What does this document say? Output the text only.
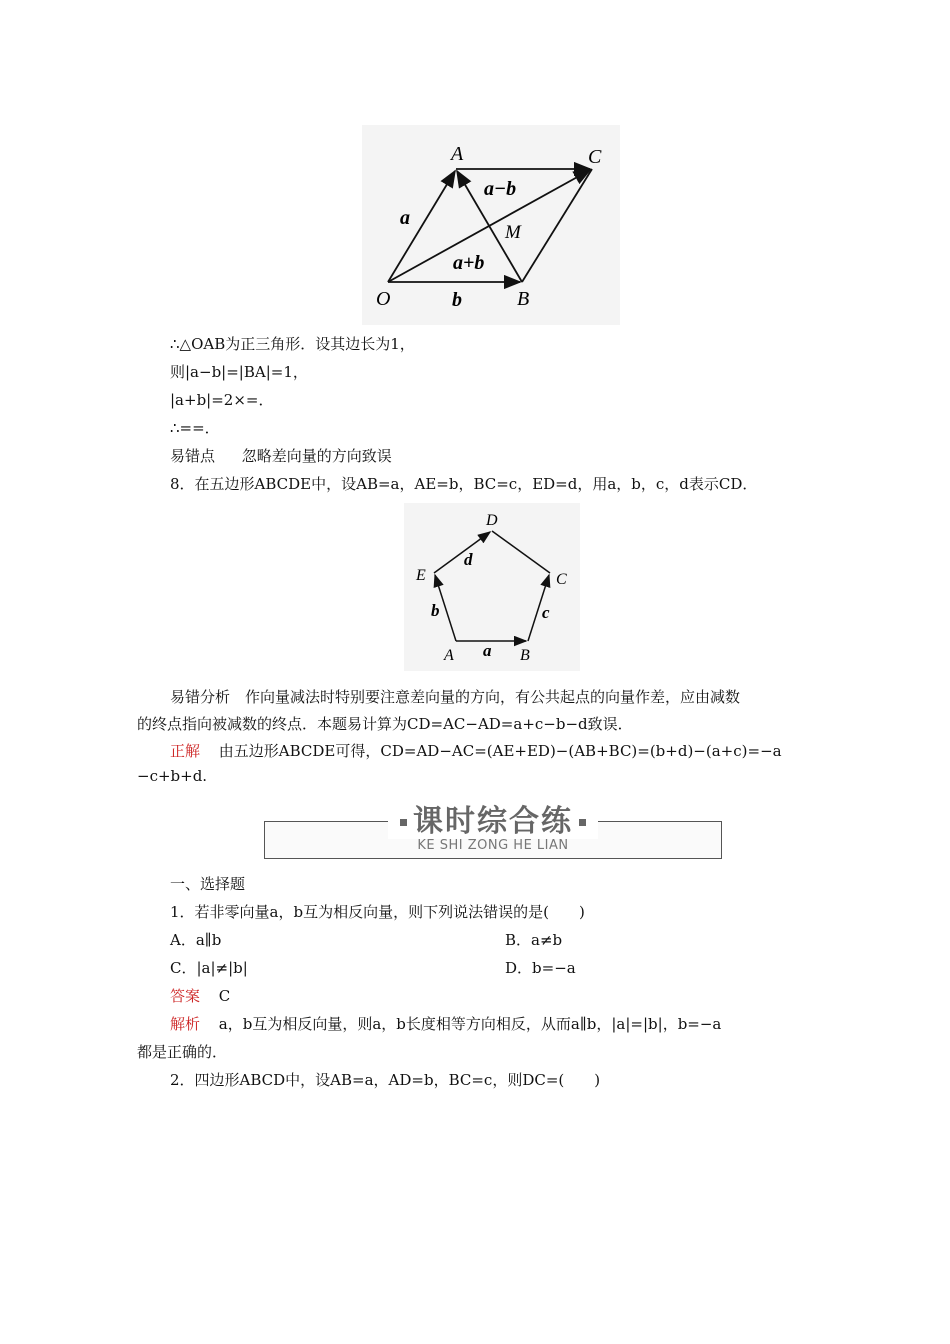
A	C
O	B
M
a
a−b
a+b
b
∴△OAB为正三角形．设其边长为1，
则|a−b|=|BA|=1，
|a+b|=2×=．
∴==．
易错点 忽略差向量的方向致误
8．在五边形ABCDE中，设AB=a，AE=b，BC=c，ED=d，用a，b，c，d表示CD．
D
E	C
A	B
d
b	c
a
易错分析　作向量减法时特别要注意差向量的方向，有公共起点的向量作差，应由减数
的终点指向被减数的终点．本题易计算为CD=AC−AD=a+c−b−d致误．
正解 由五边形ABCDE可得，CD=AD−AC=(AE+ED)−(AB+BC)=(b+d)−(a+c)=−a
−c+b+d.
课时综合练
KE SHI ZONG HE LIAN
一、选择题
1．若非零向量a，b互为相反向量，则下列说法错误的是(　　)
A．a∥b	B．a≠b
C．|a|≠|b|	D．b=−a
答案 C
解析 a，b互为相反向量，则a，b长度相等方向相反，从而a∥b，|a|=|b|，b=−a
都是正确的．
2．四边形ABCD中，设AB=a，AD=b，BC=c，则DC=(　　)
